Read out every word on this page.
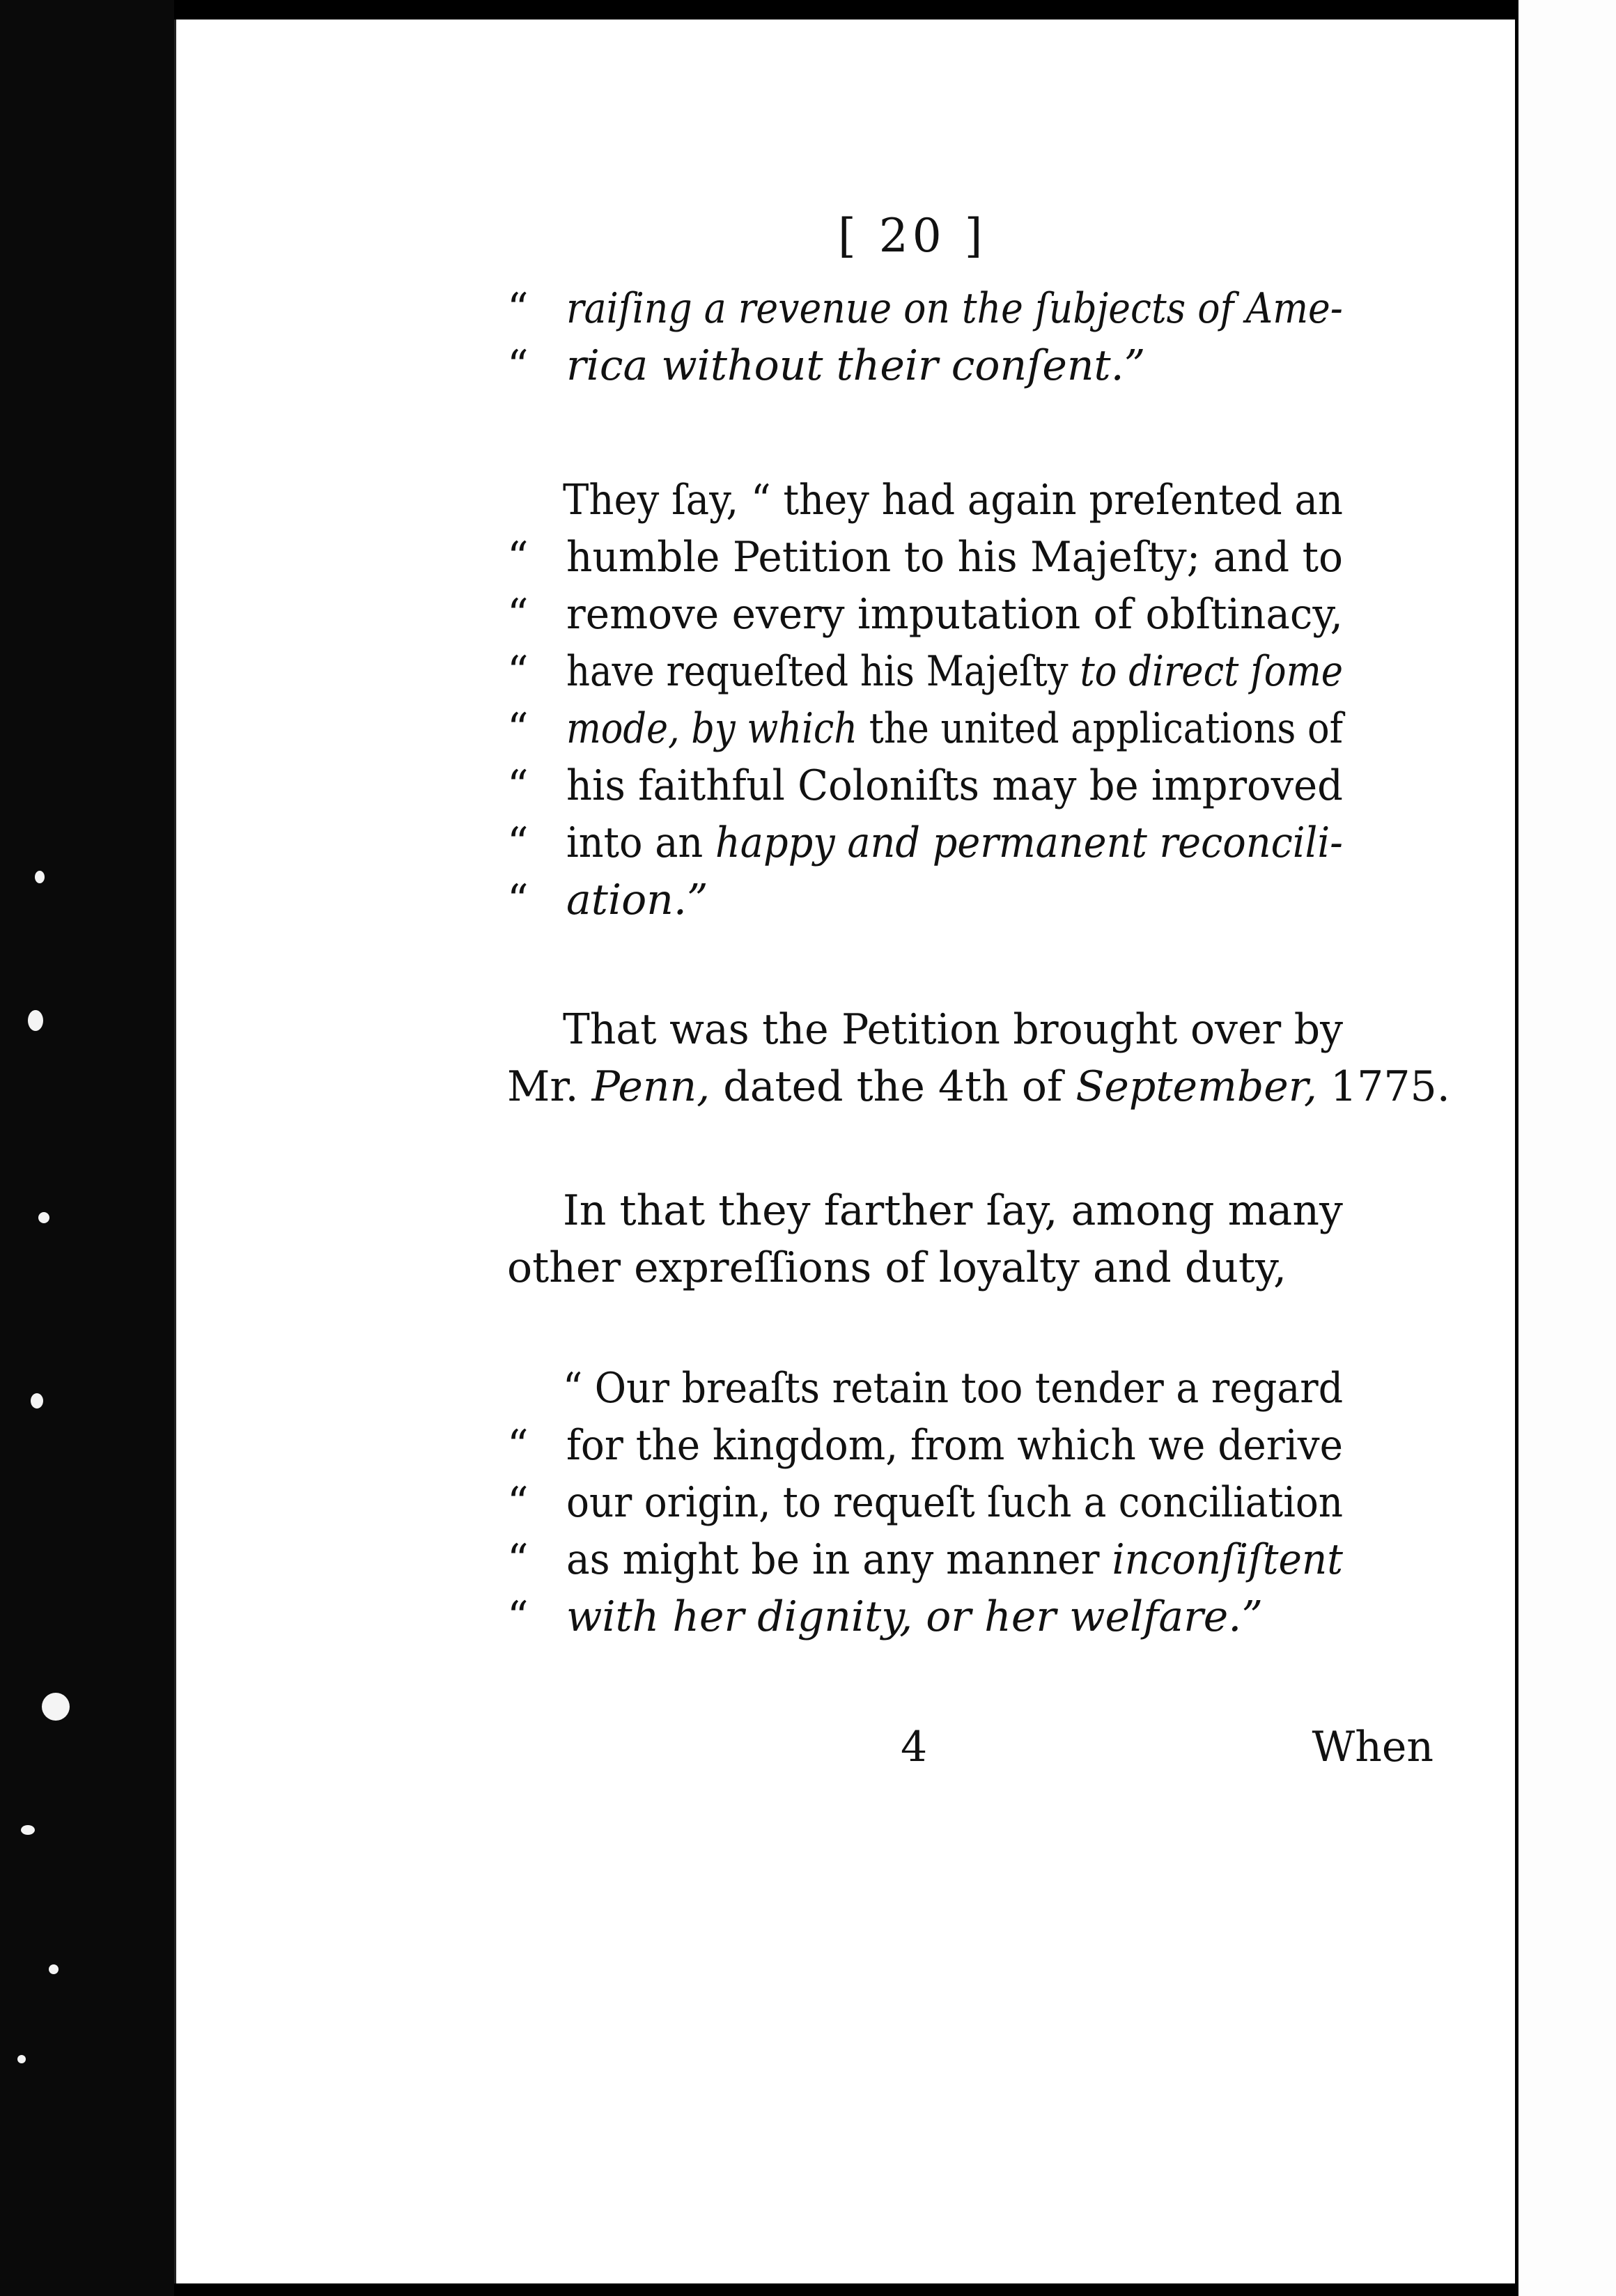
[ 20 ]
“ raiſing a revenue on the ſubjects of Ame-
“ rica without their conſent.”
They ſay, “ they had again preſented an
“ humble Petition to his Majeſty; and to
“ remove every imputation of obſtinacy,
“ have requeſted his Majeſty to direct ſome
“ mode, by which the united applications of
“ his faithful Coloniſts may be improved
“ into an happy and permanent reconcili-
“ ation.”
That was the Petition brought over by
Mr. Penn, dated the 4th of September, 1775.
In that they farther ſay, among many
other expreſſions of loyalty and duty,
“ Our breaſts retain too tender a regard
“ for the kingdom, from which we derive
“ our origin, to requeſt ſuch a conciliation
“ as might be in any manner inconſiſtent
“ with her dignity, or her welfare.”
4	When
